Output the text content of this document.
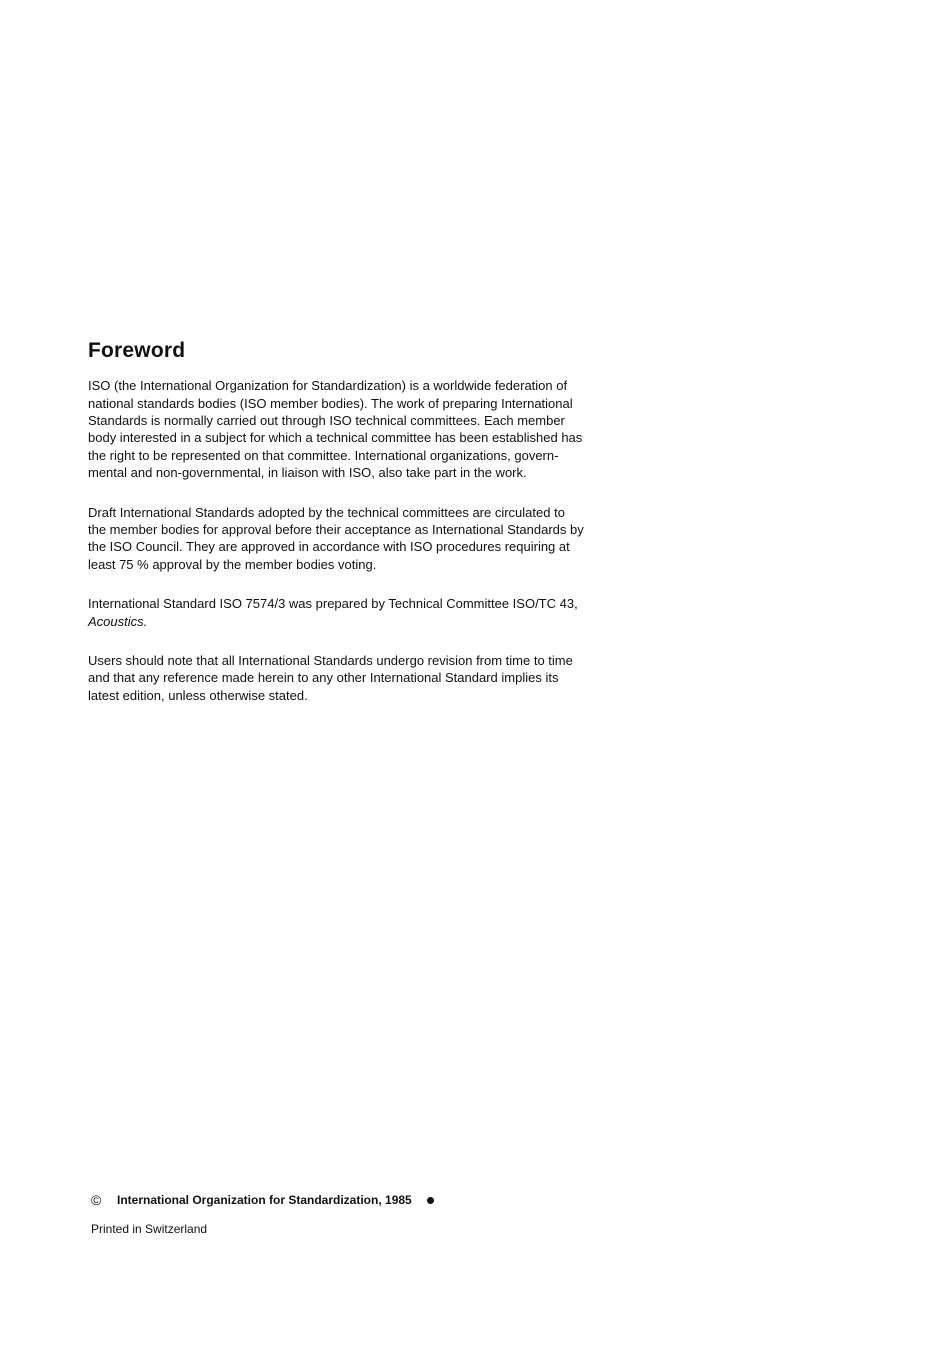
Foreword

ISO (the International Organization for Standardization) is a worldwide federation of
national standards bodies (ISO member bodies). The work of preparing International
Standards is normally carried out through ISO technical committees. Each member
body interested in a subject for which a technical committee has been established has
the right to be represented on that committee. International organizations, govern-
mental and non-governmental, in liaison with ISO, also take part in the work.

Draft International Standards adopted by the technical committees are circulated to
the member bodies for approval before their acceptance as International Standards by
the ISO Council. They are approved in accordance with ISO procedures requiring at
least 75 % approval by the member bodies voting.

International Standard ISO 7574/3 was prepared by Technical Committee ISO/TC 43,
Acoustics.

Users should note that all International Standards undergo revision from time to time
and that any reference made herein to any other International Standard implies its
latest edition, unless otherwise stated.

©	International Organization for Standardization, 1985
Printed in Switzerland
